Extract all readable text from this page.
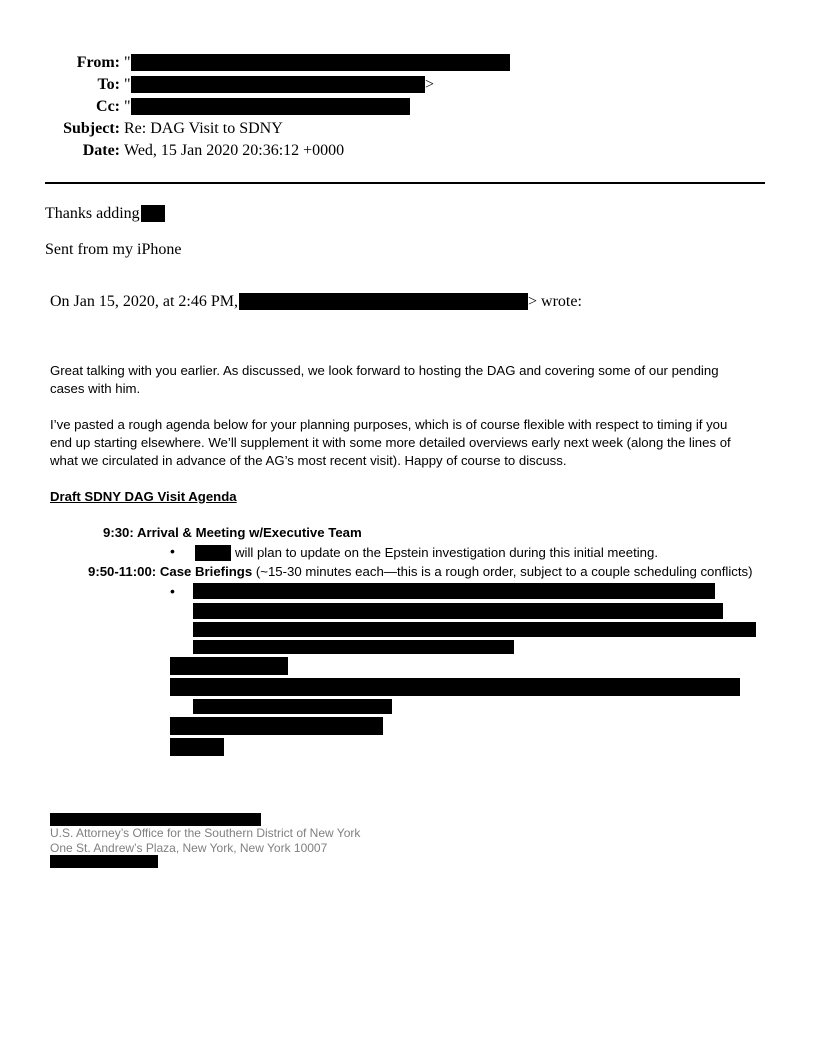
From: "
To: "	>
Cc: "
Subject: Re: DAG Visit to SDNY
Date: Wed, 15 Jan 2020 20:36:12 +0000
Thanks adding
Sent from my iPhone
On Jan 15, 2020, at 2:46 PM,	> wrote:
Great talking with you earlier. As discussed, we look forward to hosting the DAG and covering some of our pending
cases with him.
I’ve pasted a rough agenda below for your planning purposes, which is of course flexible with respect to timing if you
end up starting elsewhere. We’ll supplement it with some more detailed overviews early next week (along the lines of
what we circulated in advance of the AG’s most recent visit). Happy of course to discuss.
Draft SDNY DAG Visit Agenda
9:30: Arrival & Meeting w/Executive Team
•	will plan to update on the Epstein investigation during this initial meeting.
9:50-11:00: Case Briefings (~15-30 minutes each—this is a rough order, subject to a couple scheduling conflicts)
•
U.S. Attorney’s Office for the Southern District of New York
One St. Andrew’s Plaza, New York, New York 10007
